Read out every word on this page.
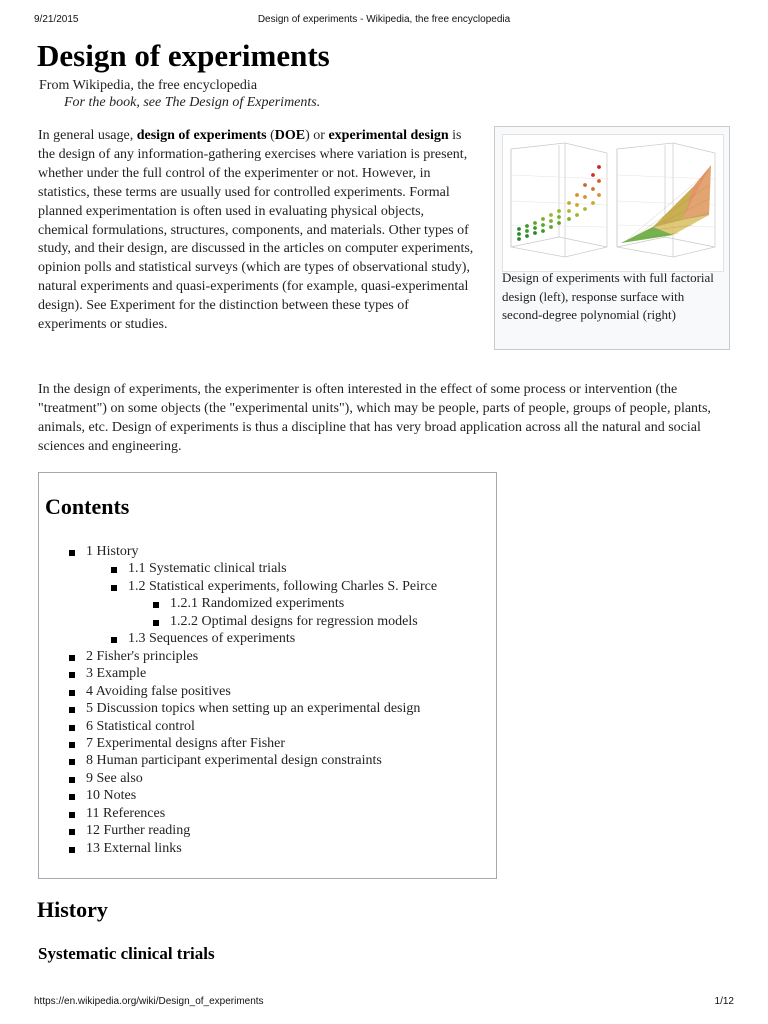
9/21/2015	Design of experiments - Wikipedia, the free encyclopedia
Design of experiments
From Wikipedia, the free encyclopedia
For the book, see The Design of Experiments.

In general usage, design of experiments (DOE) or experimental design is the design of any information-gathering exercises where variation is present, whether under the full control of the experimenter or not. However, in statistics, these terms are usually used for controlled experiments. Formal planned experimentation is often used in evaluating physical objects, chemical formulations, structures, components, and materials. Other types of study, and their design, are discussed in the articles on computer experiments, opinion polls and statistical surveys (which are types of observational study), natural experiments and quasi-experiments (for example, quasi-experimental design). See Experiment for the distinction between these types of experiments or studies.

Design of experiments with full factorial design (left), response surface with second-degree polynomial (right)

In the design of experiments, the experimenter is often interested in the effect of some process or intervention (the "treatment") on some objects (the "experimental units"), which may be people, parts of people, groups of people, plants, animals, etc. Design of experiments is thus a discipline that has very broad application across all the natural and social sciences and engineering.

Contents
1 History
1.1 Systematic clinical trials
1.2 Statistical experiments, following Charles S. Peirce
1.2.1 Randomized experiments
1.2.2 Optimal designs for regression models
1.3 Sequences of experiments
2 Fisher's principles
3 Example
4 Avoiding false positives
5 Discussion topics when setting up an experimental design
6 Statistical control
7 Experimental designs after Fisher
8 Human participant experimental design constraints
9 See also
10 Notes
11 References
12 Further reading
13 External links
History
Systematic clinical trials
https://en.wikipedia.org/wiki/Design_of_experiments	1/12
